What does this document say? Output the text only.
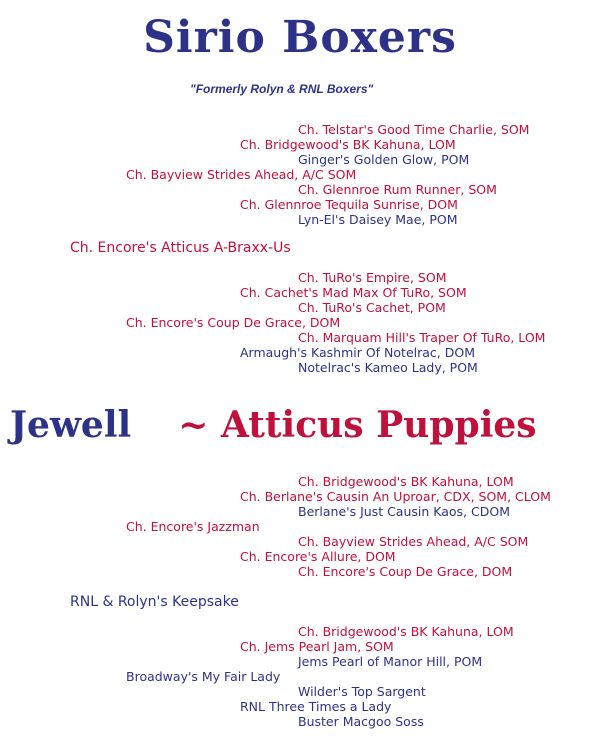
Sirio Boxers
"Formerly Rolyn & RNL Boxers"
Ch. Telstar's Good Time Charlie, SOM
Ch. Bridgewood's BK Kahuna, LOM
Ginger's Golden Glow, POM
Ch. Bayview Strides Ahead, A/C SOM
Ch. Glennroe Rum Runner, SOM
Ch. Glennroe Tequila Sunrise, DOM
Lyn-El's Daisey Mae, POM
Ch. Encore's Atticus A-Braxx-Us
Ch. TuRo's Empire, SOM
Ch. Cachet's Mad Max Of TuRo, SOM
Ch. TuRo's Cachet, POM
Ch. Encore's Coup De Grace, DOM
Ch. Marquam Hill's Traper Of TuRo, LOM
Armaugh's Kashmir Of Notelrac, DOM
Notelrac's Kameo Lady, POM
Jewell ~ Atticus Puppies
Ch. Bridgewood's BK Kahuna, LOM
Ch. Berlane's Causin An Uproar, CDX, SOM, CLOM
Berlane's Just Causin Kaos, CDOM
Ch. Encore's Jazzman
Ch. Bayview Strides Ahead, A/C SOM
Ch. Encore's Allure, DOM
Ch. Encore's Coup De Grace, DOM
RNL & Rolyn's Keepsake
Ch. Bridgewood's BK Kahuna, LOM
Ch. Jems Pearl Jam, SOM
Jems Pearl of Manor Hill, POM
Broadway's My Fair Lady
Wilder's Top Sargent
RNL Three Times a Lady
Buster Macgoo Soss
